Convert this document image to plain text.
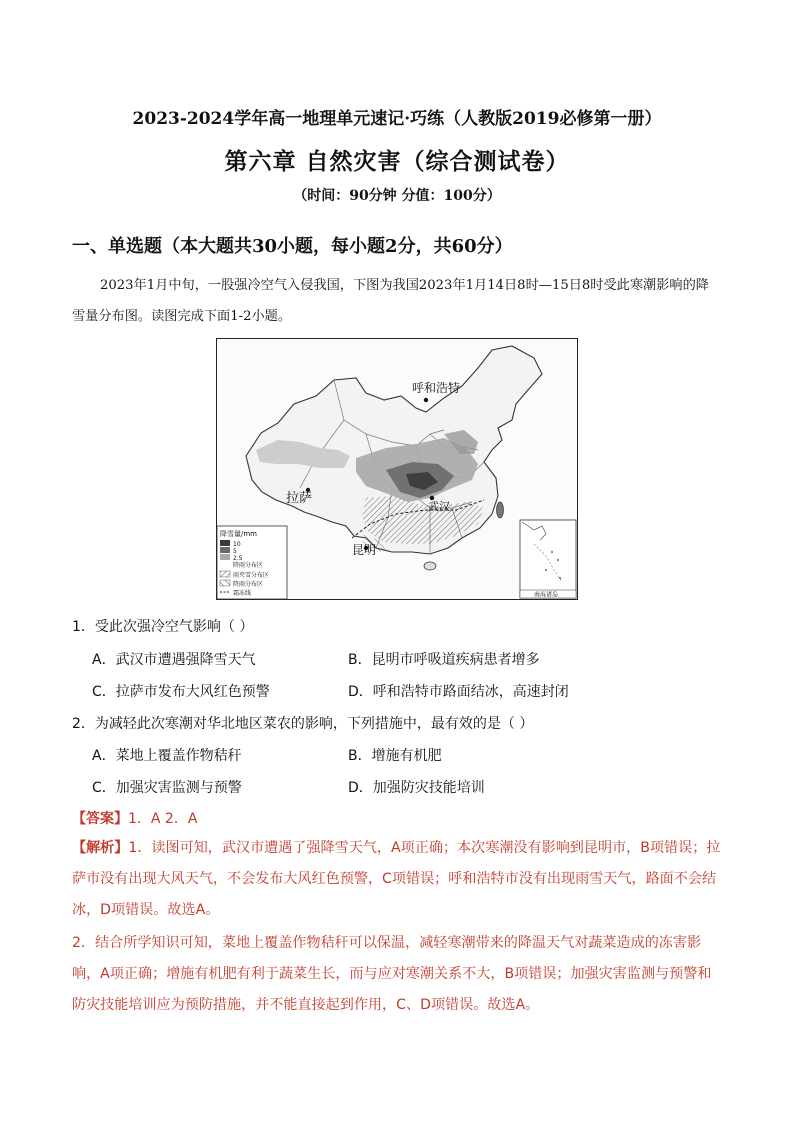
2023-2024学年高一地理单元速记·巧练（人教版2019必修第一册）
第六章 自然灾害（综合测试卷）
（时间：90分钟 分值：100分）
一、单选题（本大题共30小题，每小题2分，共60分）
2023年1月中旬，一股强冷空气入侵我国，下图为我国2023年1月14日8时—15日8时受此寒潮影响的降雪量分布图。读图完成下面1-2小题。
呼和浩特
拉萨
武汉
昆明
降雪量/mm
10
5
2.5
降雨分布区
雨夹雪分布区
降雨分布区
霜冻线	南海诸岛
1．受此次强冷空气影响（ ）
A．武汉市遭遇强降雪天气	B．昆明市呼吸道疾病患者增多
C．拉萨市发布大风红色预警	D．呼和浩特市路面结冰，高速封闭
2．为减轻此次寒潮对华北地区菜农的影响，下列措施中，最有效的是（ ）
A．菜地上覆盖作物秸秆	B．增施有机肥
C．加强灾害监测与预警	D．加强防灾技能培训
【答案】1．A 2．A
【解析】1．读图可知，武汉市遭遇了强降雪天气，A项正确；本次寒潮没有影响到昆明市，B项错误；拉萨市没有出现大风天气，不会发布大风红色预警，C项错误；呼和浩特市没有出现雨雪天气，路面不会结冰，D项错误。故选A。
2．结合所学知识可知，菜地上覆盖作物秸秆可以保温，减轻寒潮带来的降温天气对蔬菜造成的冻害影响，A项正确；增施有机肥有利于蔬菜生长，而与应对寒潮关系不大，B项错误；加强灾害监测与预警和防灾技能培训应为预防措施，并不能直接起到作用，C、D项错误。故选A。
